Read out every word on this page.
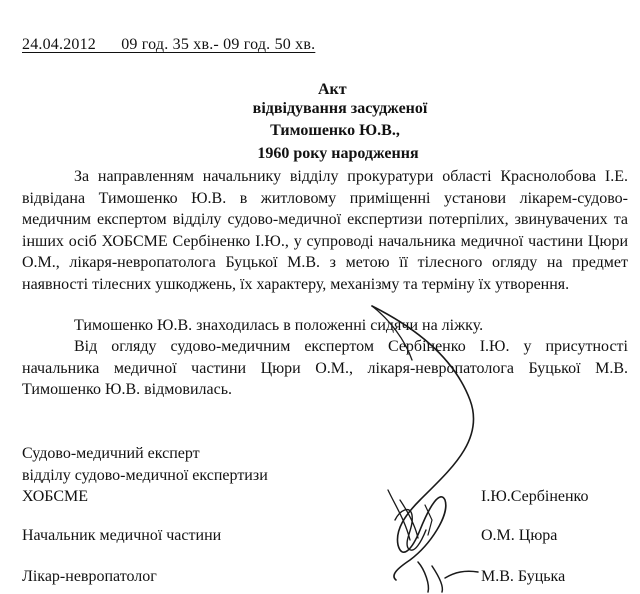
24.04.2012      09 год. 35 хв.- 09 год. 50 хв.
Акт
відвідування засудженої
Тимошенко Ю.В.,
1960 року народження
За направленням начальнику відділу прокуратури області Краснолобова І.Е. відвідана Тимошенко Ю.В. в житловому приміщенні установи лікарем-судово-медичним експертом відділу судово-медичної експертизи потерпілих, звинувачених та інших осіб ХОБСМЕ Сербіненко І.Ю., у супроводі начальника медичної частини Цюри О.М., лікаря-невропатолога Буцької М.В. з метою її тілесного огляду на предмет наявності тілесних ушкоджень, їх характеру, механізму та терміну їх утворення.
Тимошенко Ю.В. знаходилась в положенні сидячи на ліжку.
Від огляду судово-медичним експертом Сербіненко І.Ю. у присутності начальника медичної частини Цюри О.М., лікаря-невропатолога Буцької М.В. Тимошенко Ю.В. відмовилась.
Судово-медичний експерт
відділу судово-медичної експертизи
ХОБСМЕ	І.Ю.Сербіненко
Начальник медичної частини	О.М. Цюра
Лікар-невропатолог	М.В. Буцька
